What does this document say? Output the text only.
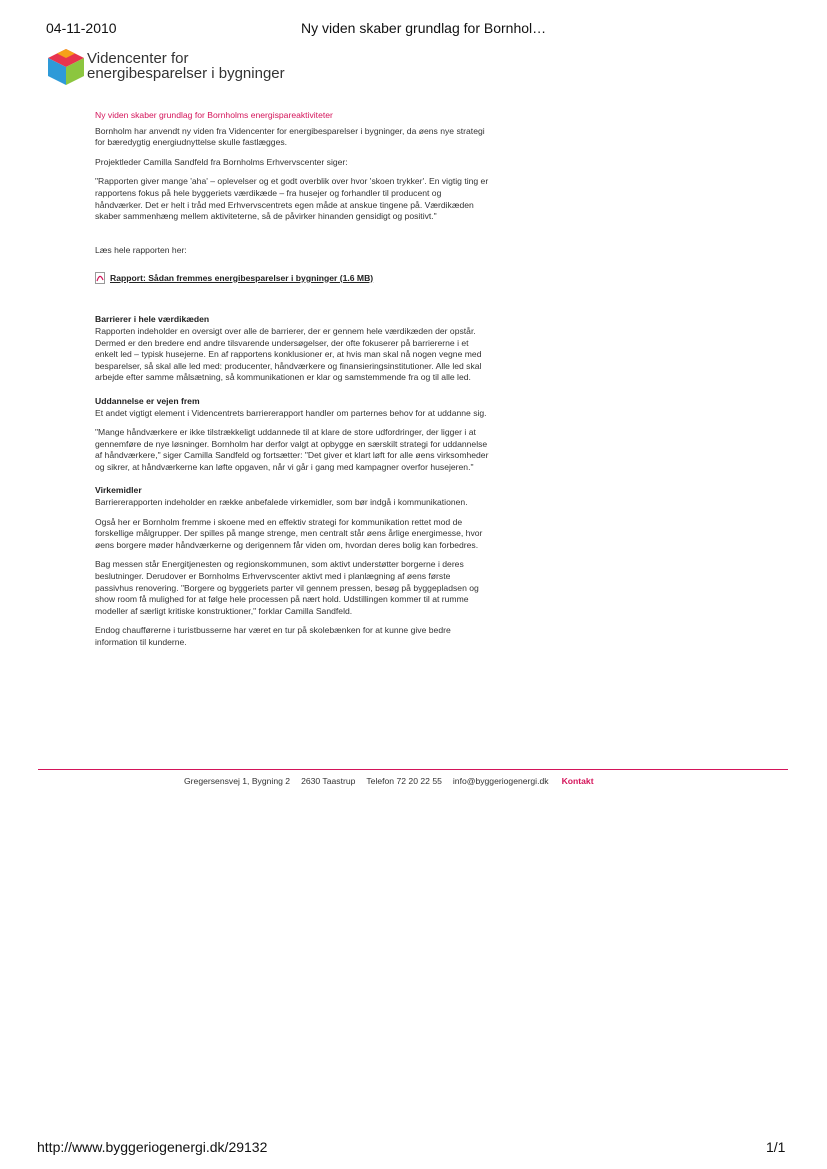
04-11-2010	Ny viden skaber grundlag for Bornhol…
Videncenter for
energibesparelser i bygninger

Ny viden skaber grundlag for Bornholms energispareaktiviteter

Bornholm har anvendt ny viden fra Videncenter for energibesparelser i bygninger, da øens nye strategi for bæredygtig energiudnyttelse skulle fastlægges.

Projektleder Camilla Sandfeld fra Bornholms Erhvervscenter siger:

"Rapporten giver mange 'aha' – oplevelser og et godt overblik over hvor 'skoen trykker'. En vigtig ting er rapportens fokus på hele byggeriets værdikæde – fra husejer og forhandler til producent og håndværker. Det er helt i tråd med Erhvervscentrets egen måde at anskue tingene på. Værdikæden skaber sammenhæng mellem aktiviteterne, så de påvirker hinanden gensidigt og positivt."

Læs hele rapporten her:

Rapport: Sådan fremmes energibesparelser i bygninger (1.6 MB)

Barrierer i hele værdikæden

Rapporten indeholder en oversigt over alle de barrierer, der er gennem hele værdikæden der opstår. Dermed er den bredere end andre tilsvarende undersøgelser, der ofte fokuserer på barriererne i et enkelt led – typisk husejerne. En af rapportens konklusioner er, at hvis man skal nå nogen vegne med besparelser, så skal alle led med: producenter, håndværkere og finansieringsinstitutioner. Alle led skal arbejde efter samme målsætning, så kommunikationen er klar og samstemmende fra og til alle led.

Uddannelse er vejen frem

Et andet vigtigt element i Videncentrets barriererapport handler om parternes behov for at uddanne sig.

"Mange håndværkere er ikke tilstrækkeligt uddannede til at klare de store udfordringer, der ligger i at gennemføre de nye løsninger. Bornholm har derfor valgt at opbygge en særskilt strategi for uddannelse af håndværkere," siger Camilla Sandfeld og fortsætter: "Det giver et klart løft for alle øens virksomheder og sikrer, at håndværkerne kan løfte opgaven, når vi går i gang med kampagner overfor husejeren."

Virkemidler

Barriererapporten indeholder en række anbefalede virkemidler, som bør indgå i kommunikationen.

Også her er Bornholm fremme i skoene med en effektiv strategi for kommunikation rettet mod de forskellige målgrupper. Der spilles på mange strenge, men centralt står øens årlige energimesse, hvor øens borgere møder håndværkerne og derigennem får viden om, hvordan deres bolig kan forbedres.

Bag messen står Energitjenesten og regionskommunen, som aktivt understøtter borgerne i deres beslutninger. Derudover er Bornholms Erhvervscenter aktivt med i planlægning af øens første passivhus renovering. "Borgere og byggeriets parter vil gennem pressen, besøg på byggepladsen og show room få mulighed for at følge hele processen på nært hold. Udstillingen kommer til at rumme modeller af særligt kritiske konstruktioner," forklar Camilla Sandfeld.

Endog chaufførerne i turistbusserne har været en tur på skolebænken for at kunne give bedre information til kunderne.

Gregersensvej 1, Bygning 2 2630 Taastrup Telefon 72 20 22 55 info@byggeriogenergi.dk Kontakt
http://www.byggeriogenergi.dk/29132	1/1
